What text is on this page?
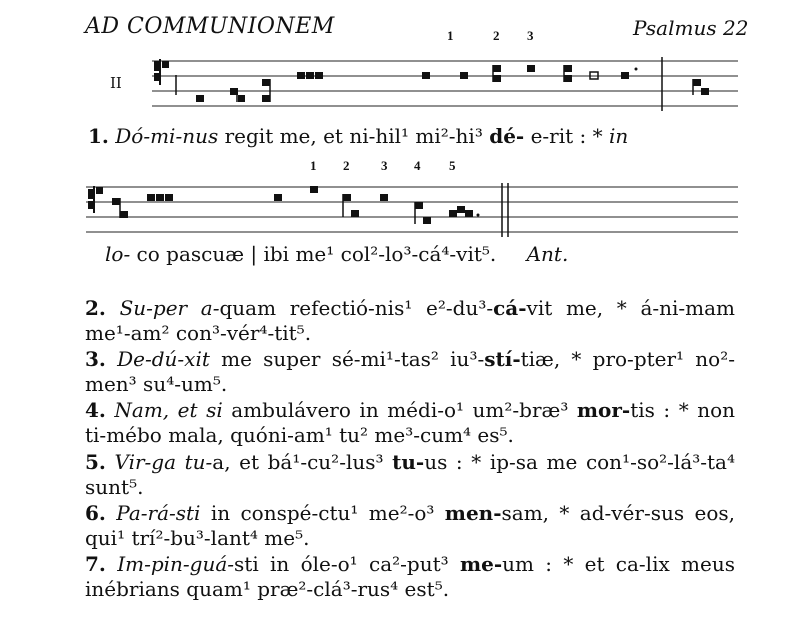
AD COMMUNIONEM	Psalmus 22
II
1	2 3
1. Dó-mi-nus regit me, et ni-hil¹ mi²-hi³ dé- e-rit : * in
1 2 3 4 5
lo- co pascuæ | ibi me¹ col²-lo³-cá⁴-vit⁵. Ant.
2. Su-per a-quam refectió-nis¹ e²-du³-cá-vit me, * á-ni-mam me¹-am² con³-vér⁴-tit⁵.
3. De-dú-xit me super sé-mi¹-tas² iu³-stí-tiæ, * pro-pter¹ no²-men³ su⁴-um⁵.
4. Nam, et si ambulávero in médi-o¹ um²-bræ³ mor-tis : * non ti-mébo mala, quóni-am¹ tu² me³-cum⁴ es⁵.
5. Vir-ga tu-a, et bá¹-cu²-lus³ tu-us : * ip-sa me con¹-so²-lá³-ta⁴ sunt⁵.
6. Pa-rá-sti in conspé-ctu¹ me²-o³ men-sam, * ad-vér-sus eos, qui¹ trí²-bu³-lant⁴ me⁵.
7. Im-pin-guá-sti in óle-o¹ ca²-put³ me-um : * et ca-lix meus inébrians quam¹ præ²-clá³-rus⁴ est⁵.
